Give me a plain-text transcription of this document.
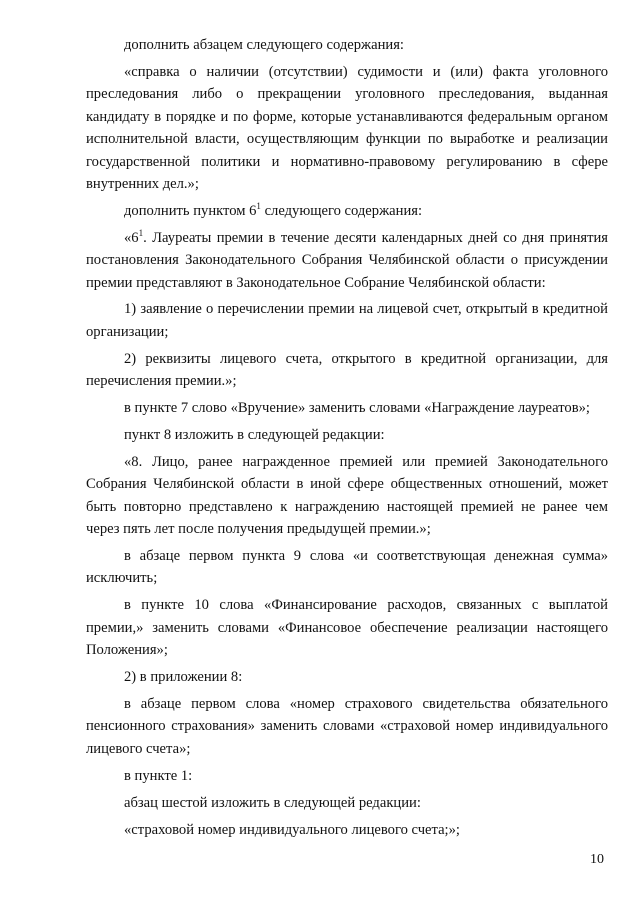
дополнить абзацем следующего содержания:

«справка о наличии (отсутствии) судимости и (или) факта уголовного преследования либо о прекращении уголовного преследования, выданная кандидату в порядке и по форме, которые устанавливаются федеральным органом исполнительной власти, осуществляющим функции по выработке и реализации государственной политики и нормативно-правовому регулированию в сфере внутренних дел.»;

дополнить пунктом $6^1$ следующего содержания:

«$6^1$. Лауреаты премии в течение десяти календарных дней со дня принятия постановления Законодательного Собрания Челябинской области о присуждении премии представляют в Законодательное Собрание Челябинской области:

1) заявление о перечислении премии на лицевой счет, открытый в кредитной организации;

2) реквизиты лицевого счета, открытого в кредитной организации, для перечисления премии.»;

в пункте 7 слово «Вручение» заменить словами «Награждение лауреатов»;

пункт 8 изложить в следующей редакции:

«8. Лицо, ранее награжденное премией или премией Законодательного Собрания Челябинской области в иной сфере общественных отношений, может быть повторно представлено к награждению настоящей премией не ранее чем через пять лет после получения предыдущей премии.»;

в абзаце первом пункта 9 слова «и соответствующая денежная сумма» исключить;

в пункте 10 слова «Финансирование расходов, связанных с выплатой премии,» заменить словами «Финансовое обеспечение реализации настоящего Положения»;

2) в приложении 8:

в абзаце первом слова «номер страхового свидетельства обязательного пенсионного страхования» заменить словами «страховой номер индивидуального лицевого счета»;

в пункте 1:

абзац шестой изложить в следующей редакции:

«страховой номер индивидуального лицевого счета;»;

10
